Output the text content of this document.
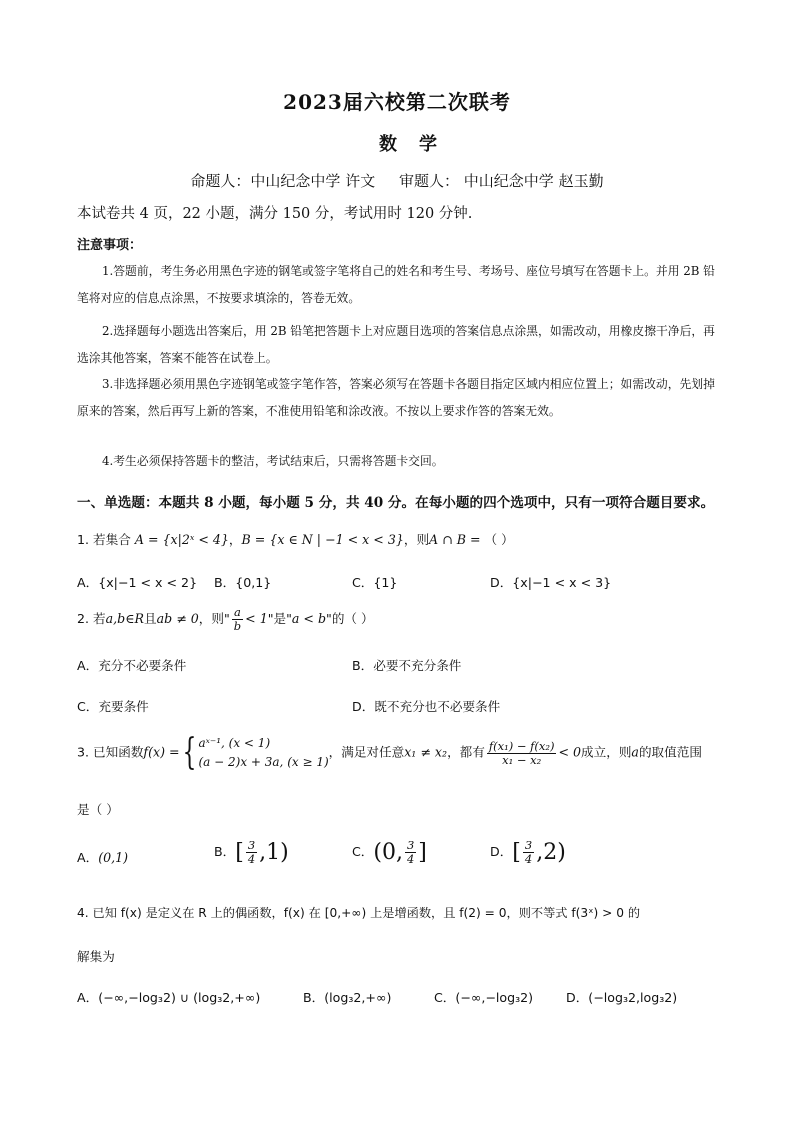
2023届六校第二次联考
数学
命题人：中山纪念中学 许文     审题人： 中山纪念中学 赵玉勤
本试卷共 4 页，22 小题，满分 150 分，考试用时 120 分钟.
注意事项：
1.答题前，考生务必用黑色字迹的钢笔或签字笔将自己的姓名和考生号、考场号、座位号填写在答题卡上。并用 2B 铅笔将对应的信息点涂黑，不按要求填涂的，答卷无效。
2.选择题每小题选出答案后，用 2B 铅笔把答题卡上对应题目选项的答案信息点涂黑，如需改动，用橡皮擦干净后，再选涂其他答案，答案不能答在试卷上。
3.非选择题必须用黑色字迹钢笔或签字笔作答，答案必须写在答题卡各题目指定区域内相应位置上；如需改动，先划掉原来的答案，然后再写上新的答案，不准使用铅笔和涂改液。不按以上要求作答的答案无效。
4.考生必须保持答题卡的整洁，考试结束后，只需将答题卡交回。
一、单选题：本题共 8 小题，每小题 5 分，共 40 分。在每小题的四个选项中，只有一项符合题目要求。
1. 若集合 A = {x|2ˣ < 4}，B = {x ∈ N | −1 < x < 3}，则A ∩ B = （ ）
A．{x|−1 < x < 2} B．{0,1}	C．{1}	D．{x|−1 < x < 3}
2. 若a,b∈R且ab ≠ 0，则" $\frac{a}{b} < 1$"是"a < b"的（ ）
A．充分不必要条件	B．必要不充分条件
C．充要条件	D．既不充分也不必要条件
3. 已知函数f(x) ={ aˣ⁻¹, (x < 1)
(a − 2)x + 3a, (x ≥ 1)
，满足对任意x₁ ≠ x₂，都有 $\frac{\text{f(x₁) − f(x₂)}}{\text{x₁ − x₂}} < 0$成立，则a的取值范围
是（ ）
A．(0,1)	B．[ $\frac{3}{4} ,1$)	C．(0, $\frac{3}{4}$ ]	D．[ $\frac{3}{4} ,2$)
4. 已知 f(x) 是定义在 R 上的偶函数，f(x) 在 [0,+∞) 上是增函数，且 f(2) = 0，则不等式 f(3ˣ) > 0 的
解集为
A．(−∞,−log₃2) ∪ (log₃2,+∞)	B．(log₃2,+∞)	C．(−∞,−log₃2)	D．(−log₃2,log₃2)
